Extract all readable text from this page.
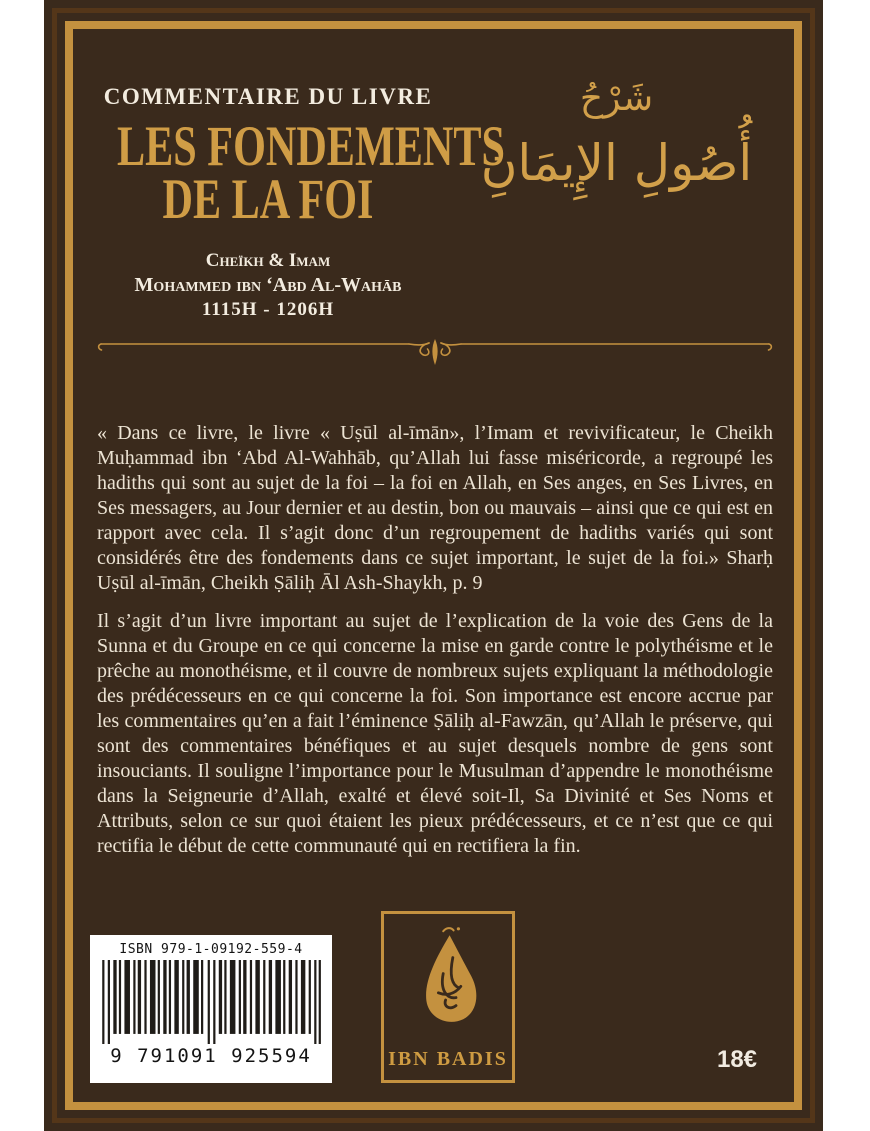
COMMENTAIRE DU LIVRE
LES FONDEMENTS
DE LA FOI
Cheïkh & Imam
Mohammed ibn ‘Abd Al-Wahāb
1115H - 1206H
شَرْحُ
أُصُولِ الإِيمَانِ

« Dans ce livre, le livre « Uṣūl al-īmān», l’Imam et revivificateur, le Cheikh Muḥammad ibn ‘Abd Al-Wahhāb, qu’Allah lui fasse miséricorde, a regroupé les hadiths qui sont au sujet de la foi – la foi en Allah, en Ses anges, en Ses Livres, en Ses messagers, au Jour dernier et au destin, bon ou mauvais – ainsi que ce qui est en rapport avec cela. Il s’agit donc d’un regroupement de hadiths variés qui sont considérés être des fondements dans ce sujet important, le sujet de la foi.» Sharḥ Uṣūl al-īmān, Cheikh Ṣāliḥ Āl Ash-Shaykh, p. 9

Il s’agit d’un livre important au sujet de l’explication de la voie des Gens de la Sunna et du Groupe en ce qui concerne la mise en garde contre le polythéisme et le prêche au monothéisme, et il couvre de nombreux sujets expliquant la méthodologie des prédécesseurs en ce qui concerne la foi. Son importance est encore accrue par les commentaires qu’en a fait l’éminence Ṣāliḥ al-Fawzān, qu’Allah le préserve, qui sont des commentaires bénéfiques et au sujet desquels nombre de gens sont insouciants. Il souligne l’importance pour le Musulman d’appendre le monothéisme dans la Seigneurie d’Allah, exalté et élevé soit-Il, Sa Divinité et Ses Noms et Attributs, selon ce sur quoi étaient les pieux prédécesseurs, et ce n’est que ce qui rectifia le début de cette communauté qui en rectifiera la fin.

ISBN 979-1-09192-559-4
9 791091 925594	IBN BADIS	18€
